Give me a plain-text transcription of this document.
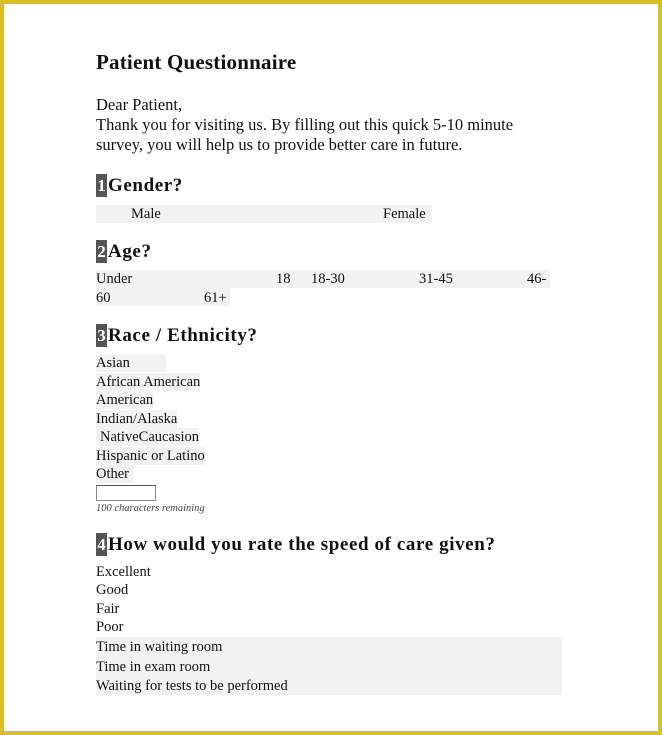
Patient Questionnaire
Dear Patient,
Thank you for visiting us. By filling out this quick 5-10 minute
survey, you will help us to provide better care in future.
1 Gender?
Male	Female
2 Age?
Under	18 18-30	31-45	46-
60	61+
3 Race / Ethnicity?
Asian
African American
American
Indian/Alaska
NativeCaucasion
Hispanic or Latino
Other
100 characters remaining
4 How would you rate the speed of care given?
Excellent
Good
Fair
Poor
Time in waiting room
Time in exam room
Waiting for tests to be performed
